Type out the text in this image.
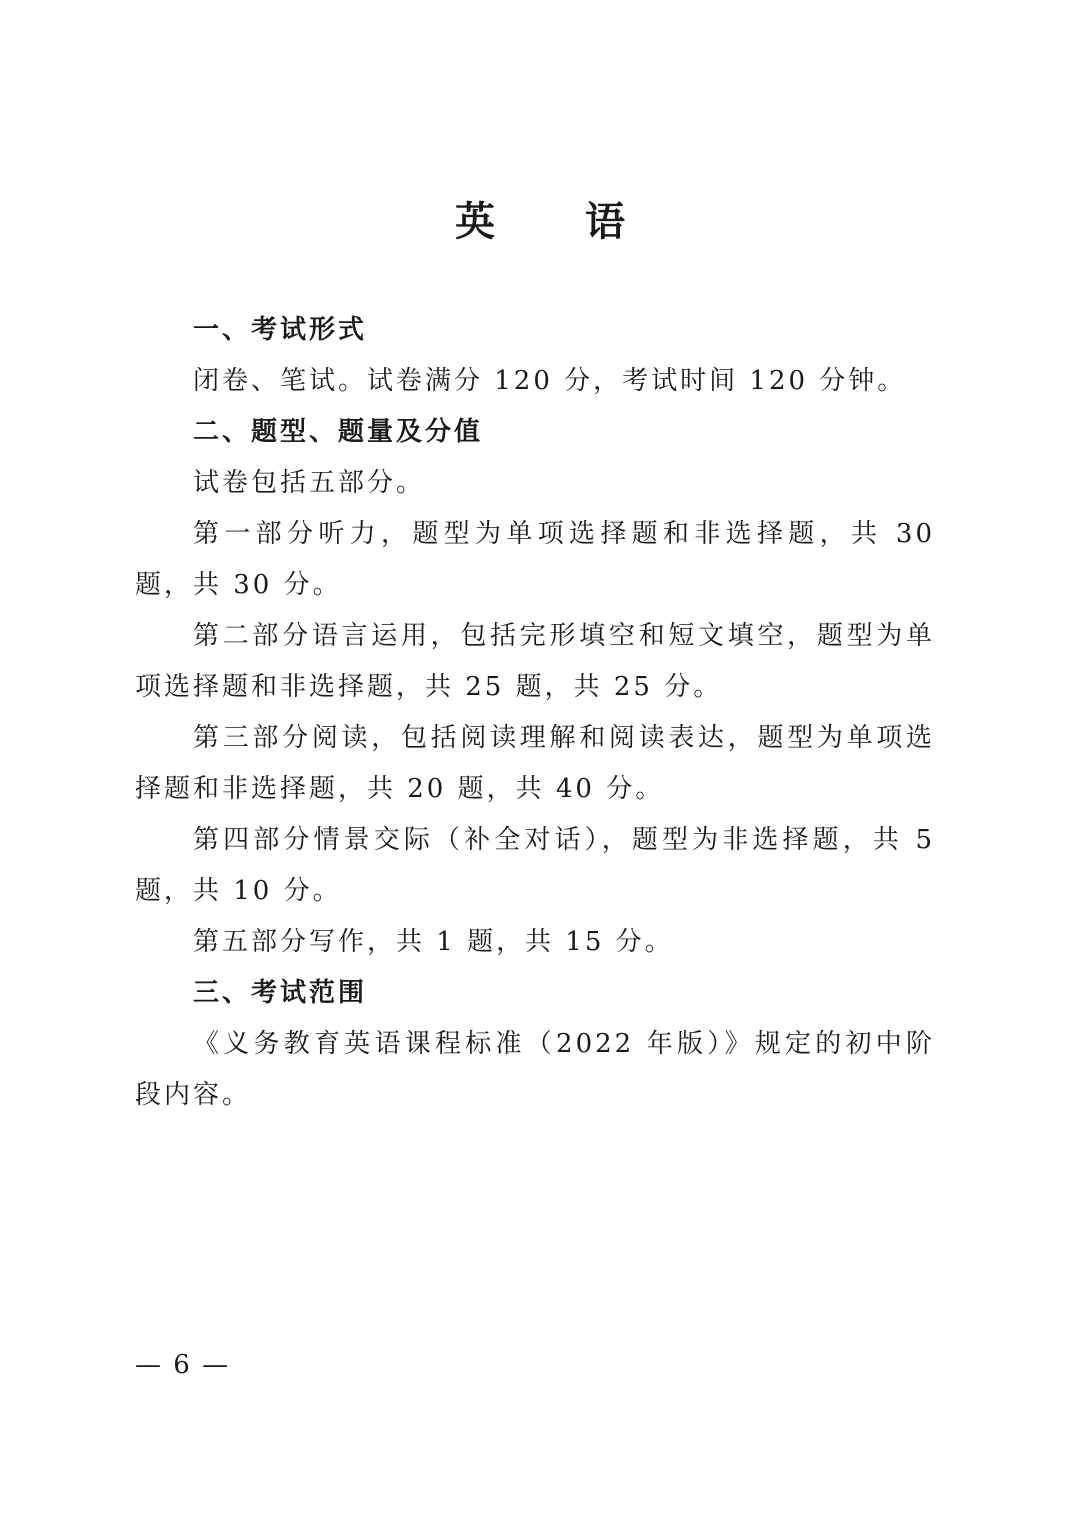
英 语

一、考试形式

闭卷、笔试。试卷满分 120 分，考试时间 120 分钟。

二、题型、题量及分值

试卷包括五部分。

第一部分听力，题型为单项选择题和非选择题，共 30 题，共 30 分。

第二部分语言运用，包括完形填空和短文填空，题型为单项选择题和非选择题，共 25 题，共 25 分。

第三部分阅读，包括阅读理解和阅读表达，题型为单项选择题和非选择题，共 20 题，共 40 分。

第四部分情景交际（补全对话），题型为非选择题，共 5 题，共 10 分。

第五部分写作，共 1 题，共 15 分。

三、考试范围

《义务教育英语课程标准（2022 年版）》规定的初中阶段内容。

— 6 —
